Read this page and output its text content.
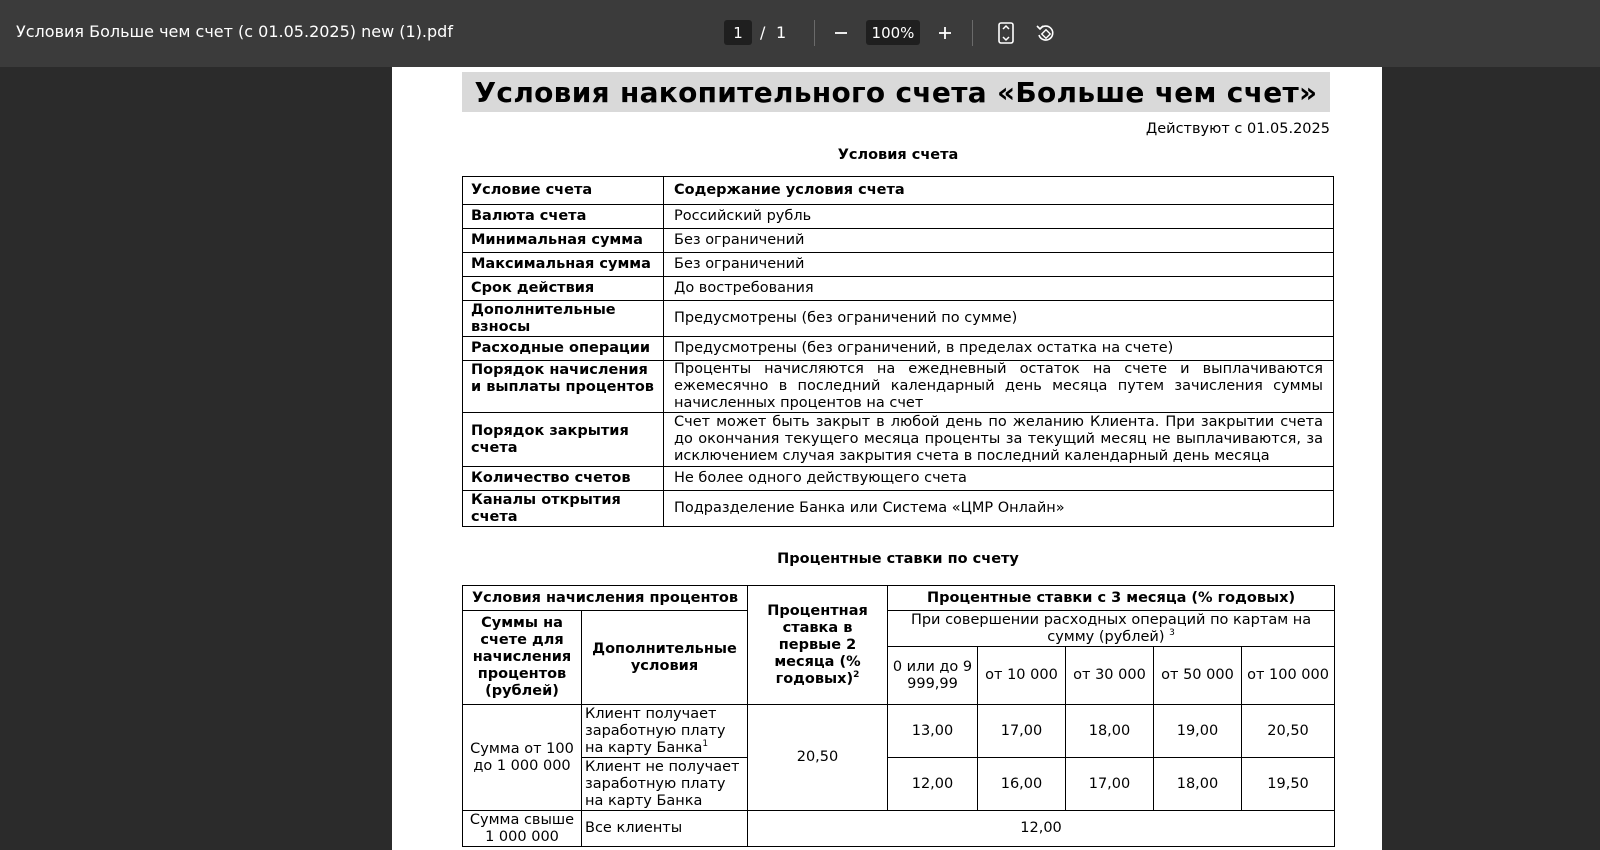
Условия Больше чем счет (с 01.05.2025) new (1).pdf
1	/ 1	100%
Условия накопительного счета «Больше чем счет»
Действуют с 01.05.2025
Условия счета
Условие счета	Содержание условия счета
Валюта счета	Российский рубль
Минимальная сумма	Без ограничений
Максимальная сумма	Без ограничений
Срок действия	До востребования
Дополнительные взносы	Предусмотрены (без ограничений по сумме)
Расходные операции	Предусмотрены (без ограничений, в пределах остатка на счете)
Порядок начисления и выплаты процентов	Проценты начисляются на ежедневный остаток на счете и выплачиваются ежемесячно в последний календарный день месяца путем зачисления суммы начисленных процентов на счет
Порядок закрытия счета	Счет может быть закрыт в любой день по желанию Клиента. При закрытии счета до окончания текущего месяца проценты за текущий месяц не выплачиваются, за исключением случая закрытия счета в последний календарный день месяца
Количество счетов	Не более одного действующего счета
Каналы открытия счета	Подразделение Банка или Система «ЦМР Онлайн»
Процентные ставки по счету
Условия начисления процентов		Процентная ставка в первые 2 месяца (% годовых)$^2$	Процентные ставки с 3 месяца (% годовых)				
Суммы на счете для начисления процентов (рублей)	Дополнительные условия		При совершении расходных операций по картам на сумму (рублей) $^3$
			0 или до 9 999,99	от 10 000	от 30 000	от 50 000	от 100 000
Сумма от 100 до 1 000 000	Клиент получает заработную плату на карту Банка$^1$	20,50	13,00	17,00	18,00	19,00	20,50
	Клиент не получает заработную плату на карту Банка		12,00	16,00	17,00	18,00	19,50
Сумма свыше 1 000 000	Все клиенты	12,00					
